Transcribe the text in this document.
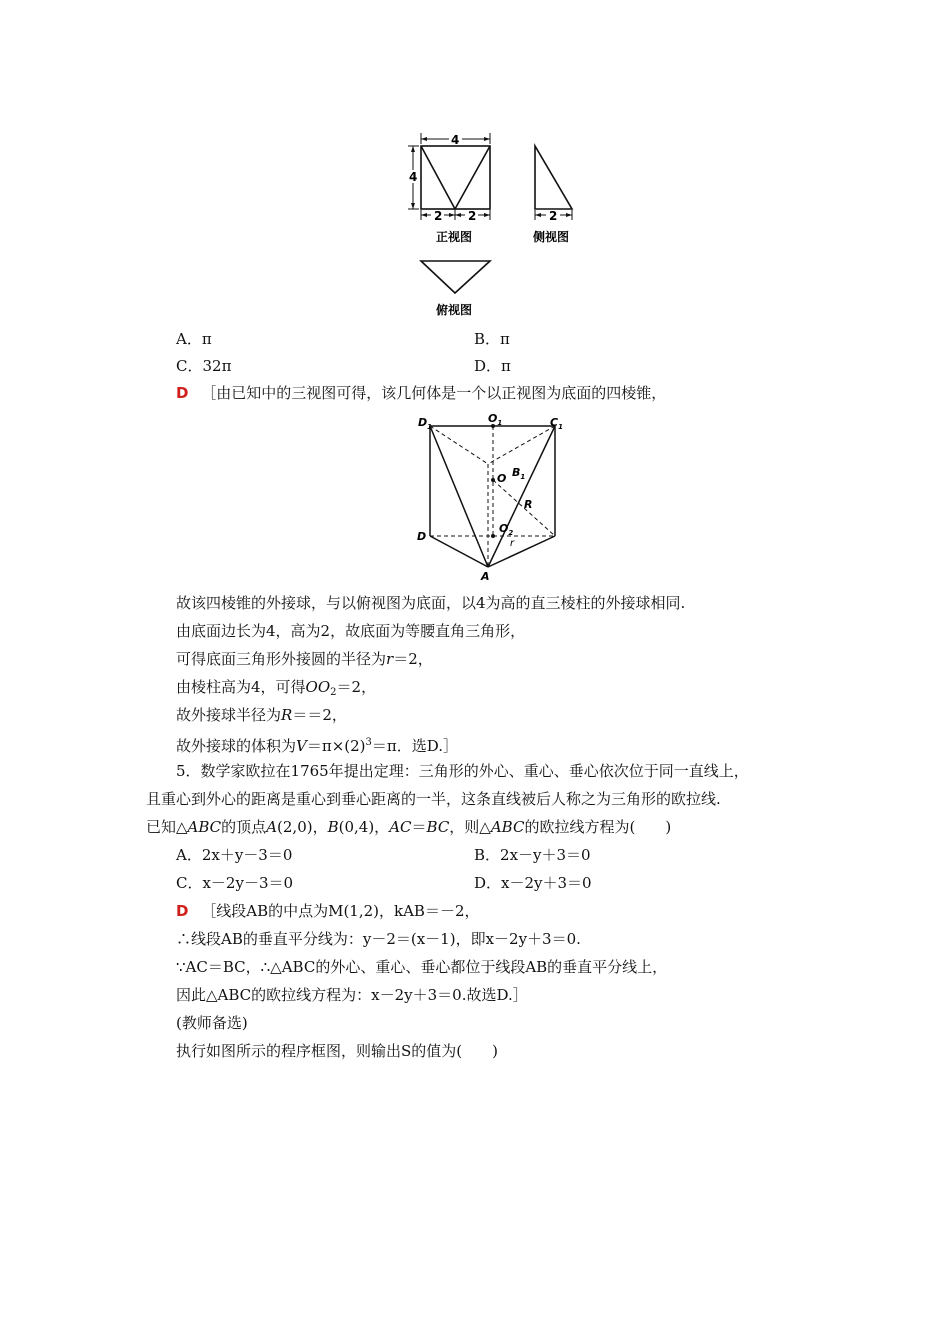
4
4
2 2
正视图
2
侧视图
俯视图
A．π	B．π
C．32π	D．π
D ［由已知中的三视图可得，该几何体是一个以正视图为底面的四棱锥，
$D_1$
$O_1$	$C_1$
$B_1$
O
R
D
$O_2$
r
A
故该四棱锥的外接球，与以俯视图为底面，以4为高的直三棱柱的外接球相同.
由底面边长为4，高为2，故底面为等腰直角三角形，
可得底面三角形外接圆的半径为r＝2，
由棱柱高为4，可得$OO_2=2$，
故外接球半径为R＝＝2，
故外接球的体积为$V=\pi\times(2)^3=\pi$．选D.］
5．数学家欧拉在1765年提出定理：三角形的外心、重心、垂心依次位于同一直线上，
且重心到外心的距离是重心到垂心距离的一半，这条直线被后人称之为三角形的欧拉线.
已知△ABC的顶点A(2,0)，B(0,4)，AC＝BC，则△ABC的欧拉线方程为(　　)
A．2x＋y－3＝0	B．2x－y＋3＝0
C．x－2y－3＝0	D．x－2y＋3＝0
D ［线段AB的中点为M(1,2)，kAB＝－2，
∴线段AB的垂直平分线为：y－2＝(x－1)，即x－2y＋3＝0.
∵AC＝BC，∴△ABC的外心、重心、垂心都位于线段AB的垂直平分线上，
因此△ABC的欧拉线方程为：x－2y＋3＝0.故选D.］
(教师备选)
执行如图所示的程序框图，则输出S的值为(　　)
